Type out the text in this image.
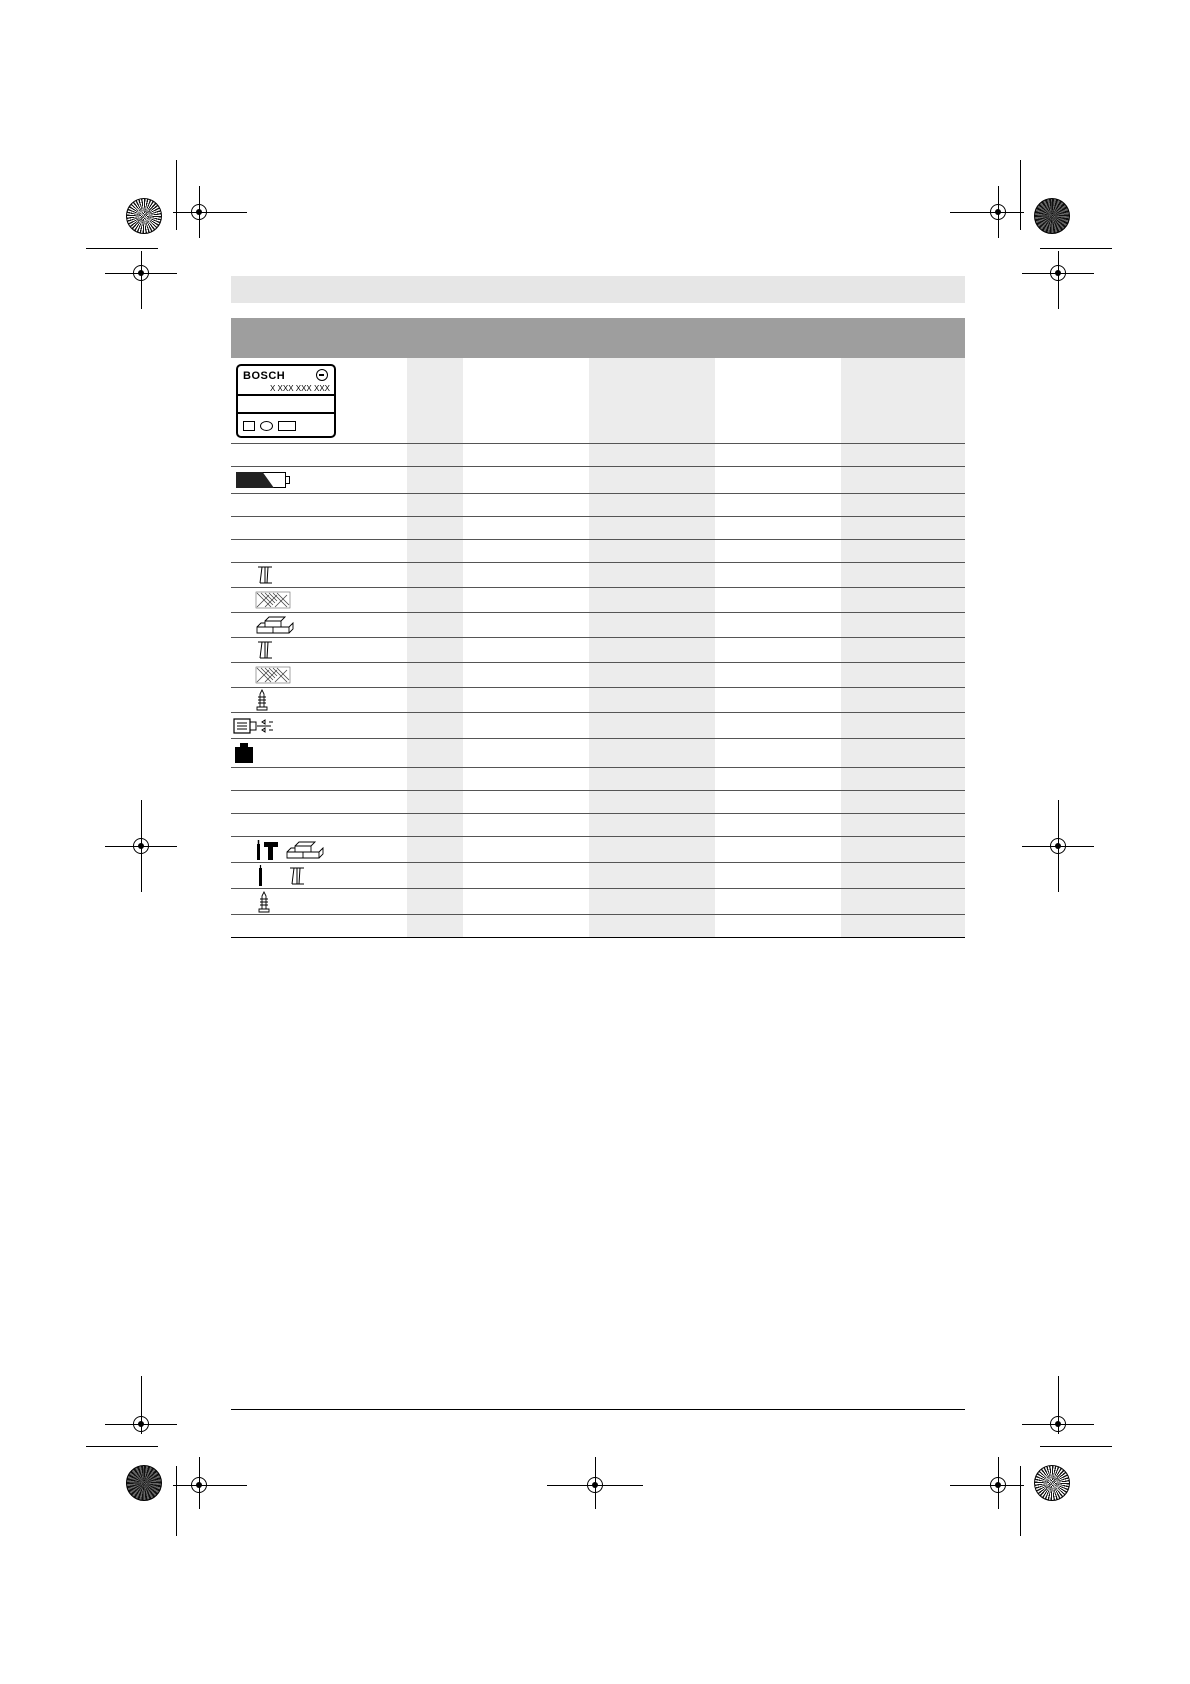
BOSCH
X XXX XXX XXX
